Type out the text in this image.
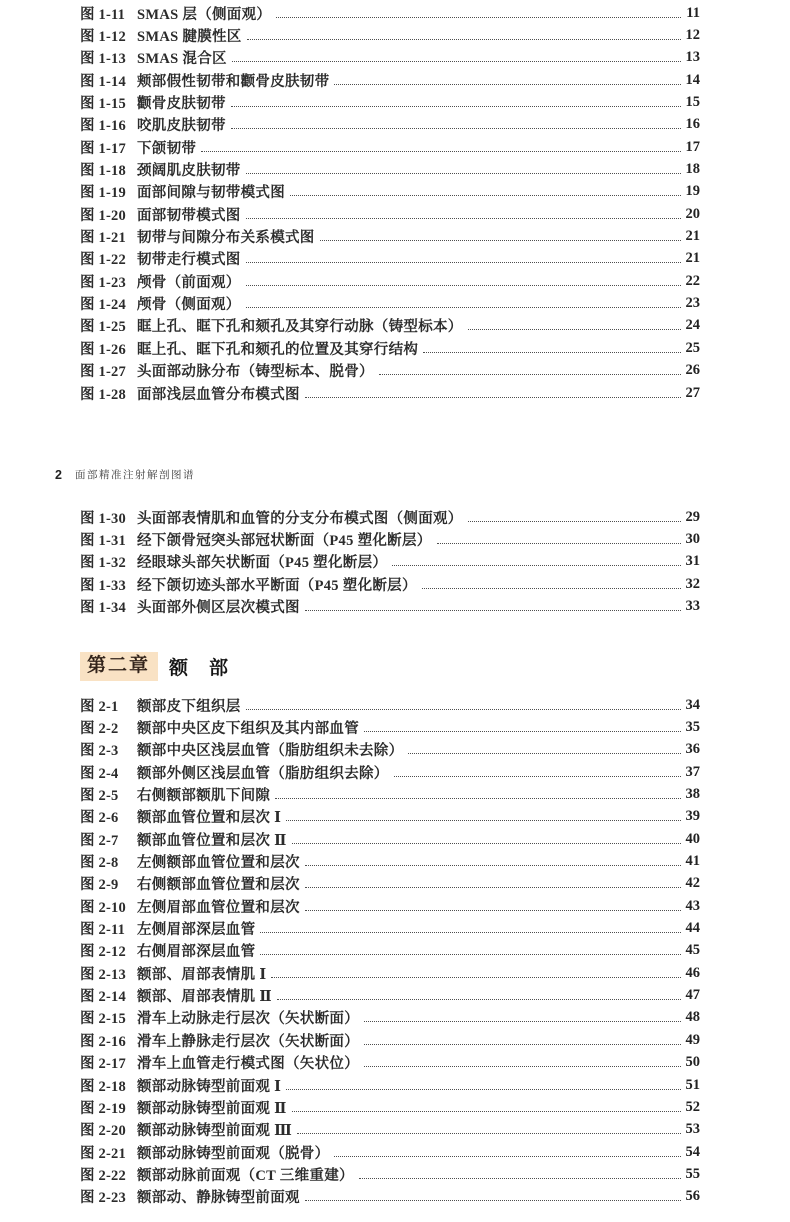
图 1-11 SMAS 层（侧面观）	11
图 1-12 SMAS 腱膜性区	12
图 1-13 SMAS 混合区	13
图 1-14 颊部假性韧带和颧骨皮肤韧带	14
图 1-15 颧骨皮肤韧带	15
图 1-16 咬肌皮肤韧带	16
图 1-17 下颌韧带	17
图 1-18 颈阔肌皮肤韧带	18
图 1-19 面部间隙与韧带模式图	19
图 1-20 面部韧带模式图	20
图 1-21 韧带与间隙分布关系模式图	21
图 1-22 韧带走行模式图	21
图 1-23 颅骨（前面观）	22
图 1-24 颅骨（侧面观）	23
图 1-25 眶上孔、眶下孔和颏孔及其穿行动脉（铸型标本）	24
图 1-26 眶上孔、眶下孔和颏孔的位置及其穿行结构	25
图 1-27 头面部动脉分布（铸型标本、脱骨）	26
图 1-28 面部浅层血管分布模式图	27
2 面部精准注射解剖图谱
图 1-30 头面部表情肌和血管的分支分布模式图（侧面观）	29
图 1-31 经下颌骨冠突头部冠状断面（P45 塑化断层）	30
图 1-32 经眼球头部矢状断面（P45 塑化断层）	31
图 1-33 经下颌切迹头部水平断面（P45 塑化断层）	32
图 1-34 头面部外侧区层次模式图	33
第二章	额　部
图 2-1	额部皮下组织层	34
图 2-2	额部中央区皮下组织及其内部血管	35
图 2-3	额部中央区浅层血管（脂肪组织未去除）	36
图 2-4	额部外侧区浅层血管（脂肪组织去除）	37
图 2-5	右侧额部额肌下间隙	38
图 2-6	额部血管位置和层次 Ⅰ	39
图 2-7	额部血管位置和层次 Ⅱ	40
图 2-8	左侧额部血管位置和层次	41
图 2-9	右侧额部血管位置和层次	42
图 2-10 左侧眉部血管位置和层次	43
图 2-11 左侧眉部深层血管	44
图 2-12 右侧眉部深层血管	45
图 2-13 额部、眉部表情肌 Ⅰ	46
图 2-14 额部、眉部表情肌 Ⅱ	47
图 2-15 滑车上动脉走行层次（矢状断面）	48
图 2-16 滑车上静脉走行层次（矢状断面）	49
图 2-17 滑车上血管走行模式图（矢状位）	50
图 2-18 额部动脉铸型前面观 Ⅰ	51
图 2-19 额部动脉铸型前面观 Ⅱ	52
图 2-20 额部动脉铸型前面观 Ⅲ	53
图 2-21 额部动脉铸型前面观（脱骨）	54
图 2-22 额部动脉前面观（CT 三维重建）	55
图 2-23 额部动、静脉铸型前面观	56
